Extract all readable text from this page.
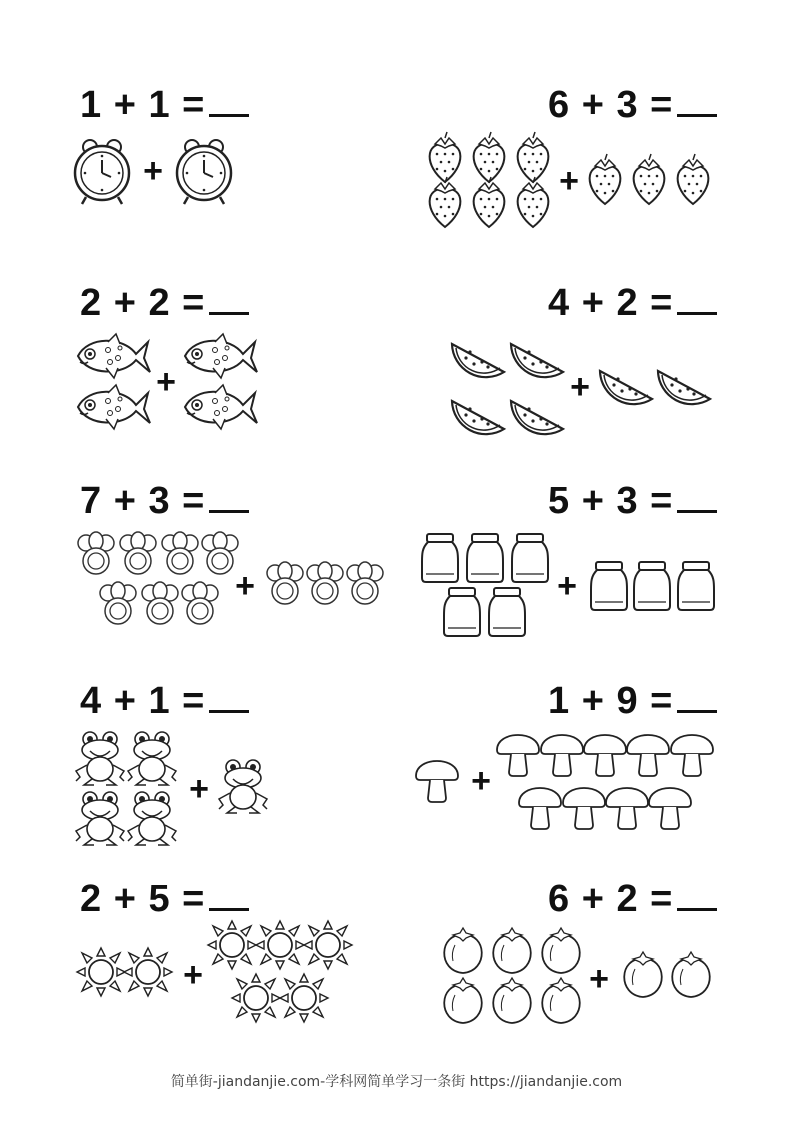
1 + 1 =	6 + 3 =
2 + 2 =	4 + 2 =
7 + 3 =	5 + 3 =
4 + 1 =	1 + 9 =
2 + 5 =	6 + 2 =
+	+
+	+
+	+
+	+
+	+
简单街-jiandanjie.com-学科网简单学习一条街 https://jiandanjie.com
